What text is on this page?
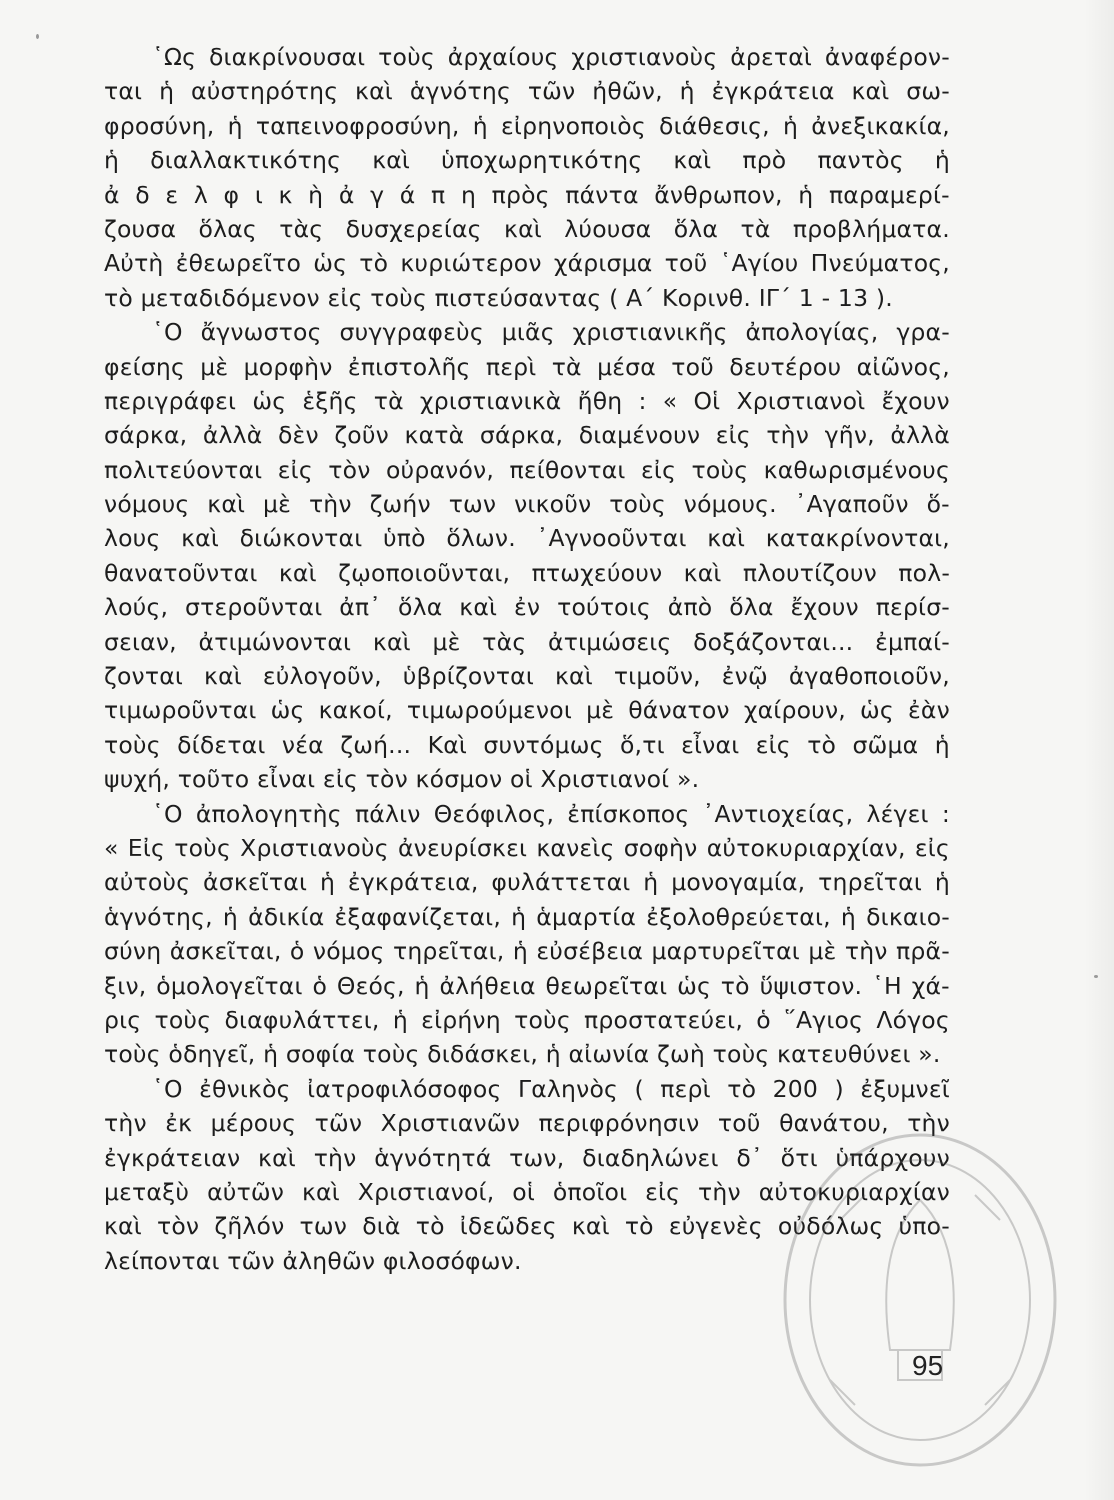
῾Ως διακρίνουσαι τοὺς ἀρχαίους χριστιανοὺς ἀρεταὶ ἀναφέρον-
ται ἡ αὐστηρότης καὶ ἁγνότης τῶν ἠθῶν, ἡ ἐγκράτεια καὶ σω-
φροσύνη, ἡ ταπεινοφροσύνη, ἡ εἰρηνοποιὸς διάθεσις, ἡ ἀνεξικακία,
ἡ διαλλακτικότης καὶ ὑποχωρητικότης καὶ πρὸ παντὸς ἡ
ἀ δ ε λ φ ι κ ὴ ἀ γ ά π η πρὸς πάντα ἄνθρωπον, ἡ παραμερί-
ζουσα ὅλας τὰς δυσχερείας καὶ λύουσα ὅλα τὰ προβλήματα.
Αὐτὴ ἐθεωρεῖτο ὡς τὸ κυριώτερον χάρισμα τοῦ ῾Αγίου Πνεύματος,
τὸ μεταδιδόμενον εἰς τοὺς πιστεύσαντας ( Α΄ Κορινθ. ΙΓ΄ 1 - 13 ).
῾Ο ἄγνωστος συγγραφεὺς μιᾶς χριστιανικῆς ἀπολογίας, γρα-
φείσης μὲ μορφὴν ἐπιστολῆς περὶ τὰ μέσα τοῦ δευτέρου αἰῶνος,
περιγράφει ὡς ἑξῆς τὰ χριστιανικὰ ἤθη : « Οἱ Χριστιανοὶ ἔχουν
σάρκα, ἀλλὰ δὲν ζοῦν κατὰ σάρκα, διαμένουν εἰς τὴν γῆν, ἀλλὰ
πολιτεύονται εἰς τὸν οὐρανόν, πείθονται εἰς τοὺς καθωρισμένους
νόμους καὶ μὲ τὴν ζωήν των νικοῦν τοὺς νόμους. ᾿Αγαποῦν ὅ-
λους καὶ διώκονται ὑπὸ ὅλων. ᾿Αγνοοῦνται καὶ κατακρίνονται,
θανατοῦνται καὶ ζῳοποιοῦνται, πτωχεύουν καὶ πλουτίζουν πολ-
λούς, στεροῦνται ἀπ᾿ ὅλα καὶ ἐν τούτοις ἀπὸ ὅλα ἔχουν περίσ-
σειαν, ἀτιμώνονται καὶ μὲ τὰς ἀτιμώσεις δοξάζονται... ἐμπαί-
ζονται καὶ εὐλογοῦν, ὑβρίζονται καὶ τιμοῦν, ἐνῷ ἀγαθοποιοῦν,
τιμωροῦνται ὡς κακοί, τιμωρούμενοι μὲ θάνατον χαίρουν, ὡς ἐὰν
τοὺς δίδεται νέα ζωή... Καὶ συντόμως ὅ,τι εἶναι εἰς τὸ σῶμα ἡ
ψυχή, τοῦτο εἶναι εἰς τὸν κόσμον οἱ Χριστιανοί ».
῾Ο ἀπολογητὴς πάλιν Θεόφιλος, ἐπίσκοπος ᾿Αντιοχείας, λέγει :
« Εἰς τοὺς Χριστιανοὺς ἀνευρίσκει κανεὶς σοφὴν αὐτοκυριαρχίαν, εἰς
αὐτοὺς ἀσκεῖται ἡ ἐγκράτεια, φυλάττεται ἡ μονογαμία, τηρεῖται ἡ
ἁγνότης, ἡ ἀδικία ἐξαφανίζεται, ἡ ἁμαρτία ἐξολοθρεύεται, ἡ δικαιο-
σύνη ἀσκεῖται, ὁ νόμος τηρεῖται, ἡ εὐσέβεια μαρτυρεῖται μὲ τὴν πρᾶ-
ξιν, ὁμολογεῖται ὁ Θεός, ἡ ἀλήθεια θεωρεῖται ὡς τὸ ὕψιστον. ῾Η χά-
ρις τοὺς διαφυλάττει, ἡ εἰρήνη τοὺς προστατεύει, ὁ ῞Αγιος Λόγος
τοὺς ὁδηγεῖ, ἡ σοφία τοὺς διδάσκει, ἡ αἰωνία ζωὴ τοὺς κατευθύνει ».
῾Ο ἐθνικὸς ἰατροφιλόσοφος Γαληνὸς ( περὶ τὸ 200 ) ἐξυμνεῖ
τὴν ἐκ μέρους τῶν Χριστιανῶν περιφρόνησιν τοῦ θανάτου, τὴν
ἐγκράτειαν καὶ τὴν ἁγνότητά των, διαδηλώνει δ᾿ ὅτι ὑπάρχουν
μεταξὺ αὐτῶν καὶ Χριστιανοί, οἱ ὁποῖοι εἰς τὴν αὐτοκυριαρχίαν
καὶ τὸν ζῆλόν των διὰ τὸ ἰδεῶδες καὶ τὸ εὐγενὲς οὐδόλως ὑπο-
λείπονται τῶν ἀληθῶν φιλοσόφων.
95
